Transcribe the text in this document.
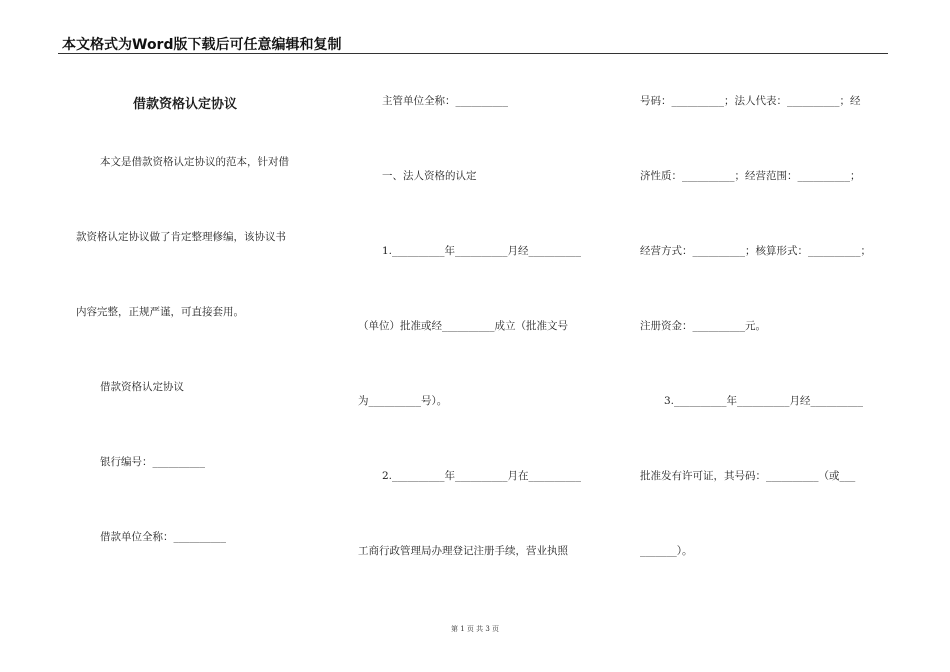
本文格式为Word版下载后可任意编辑和复制
借款资格认定协议
本文是借款资格认定协议的范本，针对借
款资格认定协议做了肯定整理修编，该协议书
内容完整，正规严谨，可直接套用。
借款资格认定协议
银行编号：__________
借款单位全称：__________
主管单位全称：__________
一、法人资格的认定
1.__________年__________月经__________
（单位）批准或经__________成立（批准文号
为__________号）。
2.__________年__________月在__________
工商行政管理局办理登记注册手续，营业执照
号码：__________；法人代表：__________；经
济性质：__________；经营范围：__________；
经营方式：__________；核算形式：__________；
注册资金：__________元。
3.__________年__________月经__________
批准发有许可证，其号码：__________（或___
_______）。
第 1 页 共 3 页
